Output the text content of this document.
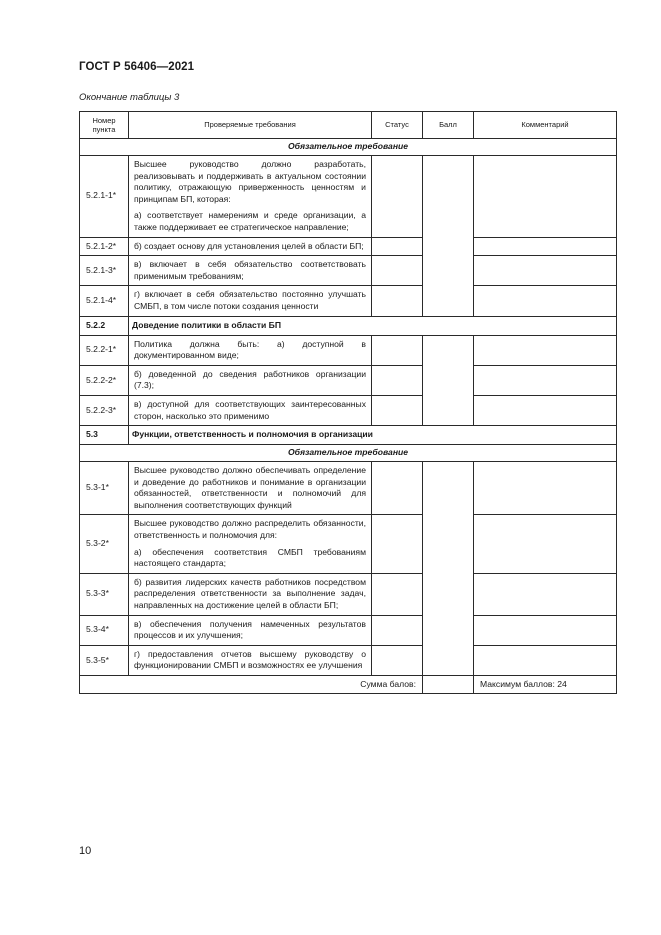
ГОСТ Р 56406—2021
Окончание таблицы 3
Номер пункта	Проверяемые требования	Статус	Балл	Комментарий
Обязательное требование				
5.2.1-1*	Высшее руководство должно разработать, реализовывать и поддерживать в актуальном состоянии политику, отражающую приверженность ценностям и принципам БП, которая:

а) соответствует намерениям и среде организации, а также поддерживает ее стратегическое направление;			

5.2.1-2*	б) создает основу для установления целей в области БП;			
5.2.1-3*	в) включает в себя обязательство соответствовать применимым требованиям;			
5.2.1-4*	г) включает в себя обязательство постоянно улучшать СМБП, в том числе потоки создания ценности			
5.2.2	Доведение политики в области БП			
5.2.2-1*	Политика должна быть: а) доступной в документированном виде;			
5.2.2-2*	б) доведенной до сведения работников организации (7.3);			
5.2.2-3*	в) доступной для соответствующих заинтересованных сторон, насколько это применимо			
5.3	Функции, ответственность и полномочия в организации			
Обязательное требование				
5.3-1*	Высшее руководство должно обеспечивать определение и доведение до работников и понимание в организации обязанностей, ответственности и полномочий для выполнения соответствующих функций			
5.3-2*	Высшее руководство должно распределить обязанности, ответственность и полномочия для:

а) обеспечения соответствия СМБП требованиям настоящего стандарта;			

5.3-3*	б) развития лидерских качеств работников посредством распределения ответственности за выполнение задач, направленных на достижение целей в области БП;			
5.3-4*	в) обеспечения получения намеченных результатов процессов и их улучшения;			
5.3-5*	г) предоставления отчетов высшему руководству о функционировании СМБП и возможностях ее улучшения			
Сумма балов:				Максимум баллов: 24
10
